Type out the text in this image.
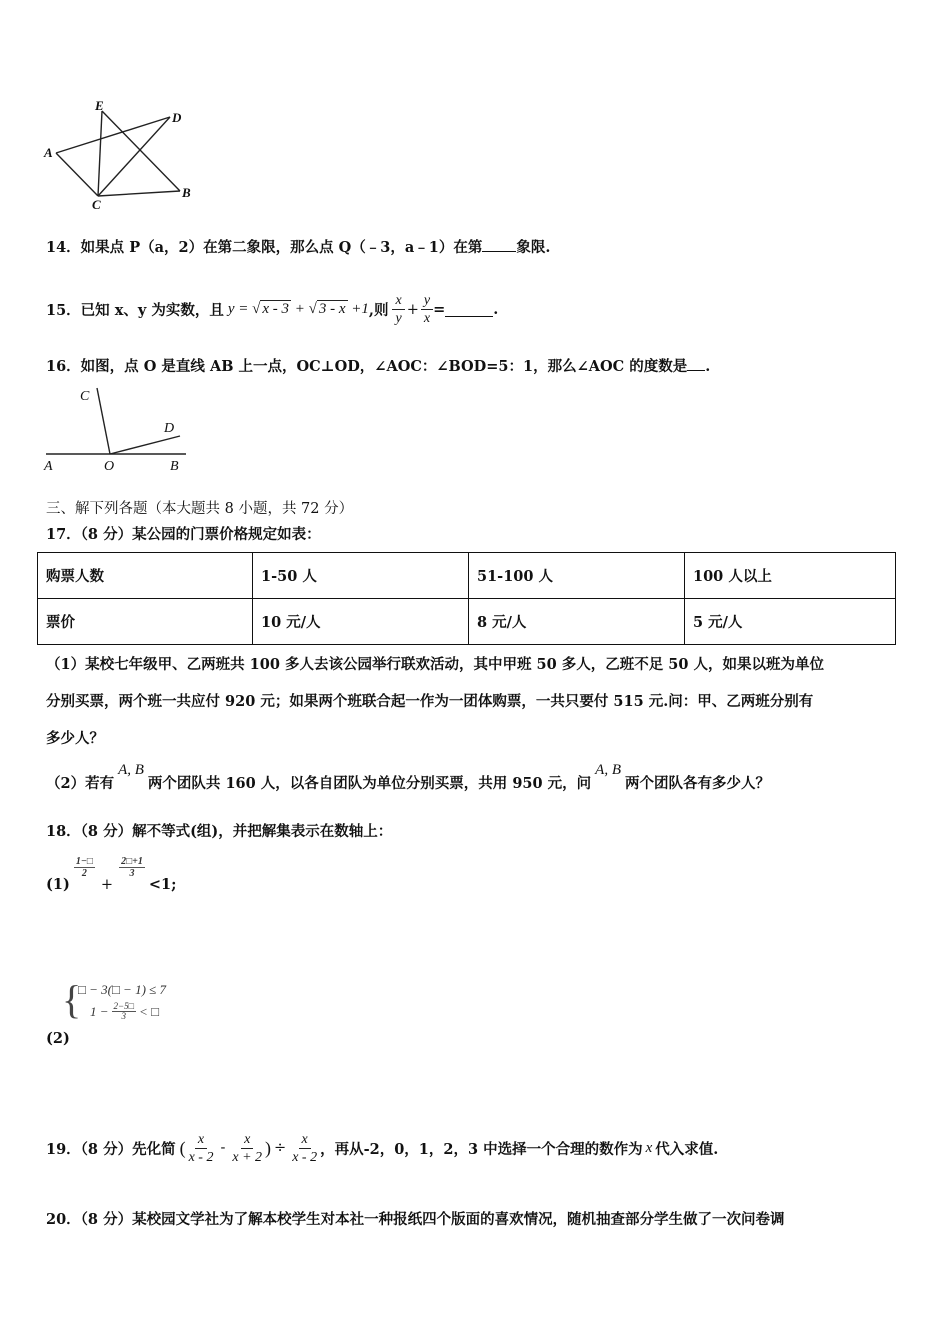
A
E
D
C
B
14．如果点 P（a，2）在第二象限，那么点 Q（﹣3，a﹣1）在第 象限.
15．已知 x、y 为实数，且 y = √ x - 3 + √ 3 - x +1 ,则 $\frac{x}{y} + \frac{y}{x}$ =	.
16．如图，点 O 是直线 AB 上一点，OC⊥OD，∠AOC：∠BOD=5：1，那么∠AOC 的度数是 .
C
D
A	O	B
三、解下列各题（本大题共 8 小题，共 72 分）
17．（8 分）某公园的门票价格规定如表：
购票人数	1-50 人	51-100 人	100 人以上
票价	10 元/人	8 元/人	5 元/人
（1）某校七年级甲、乙两班共 100 多人去该公园举行联欢活动，其中甲班 50 多人，乙班不足 50 人，如果以班为单位
分别买票，两个班一共应付 920 元；如果两个班联合起一作为一团体购票，一共只要付 515 元.问：甲、乙两班分别有
多少人？
（2）若有A, B两个团队共 160 人，以各自团队为单位分别买票，共用 950 元，问A, B两个团队各有多少人？
18．（8 分）解不等式(组)，并把解集表示在数轴上：
(1)
$\frac{1-□}{2}$
+
$\frac{2□+1}{3}$
<1;
{
□ − 3(□ − 1) ≤ 7
$1 - \frac{2-5□}{3}$ < □
(2)
19．（8 分）先化简 ( $\frac{x}{x - 2} - \frac{x}{x + 2}$ ) ÷ $\frac{x}{x - 2}$ ，再从-2，0，1，2，3 中选择一个合理的数作为 x 代入求值.
20．（8 分）某校园文学社为了解本校学生对本社一种报纸四个版面的喜欢情况，随机抽查部分学生做了一次问卷调
